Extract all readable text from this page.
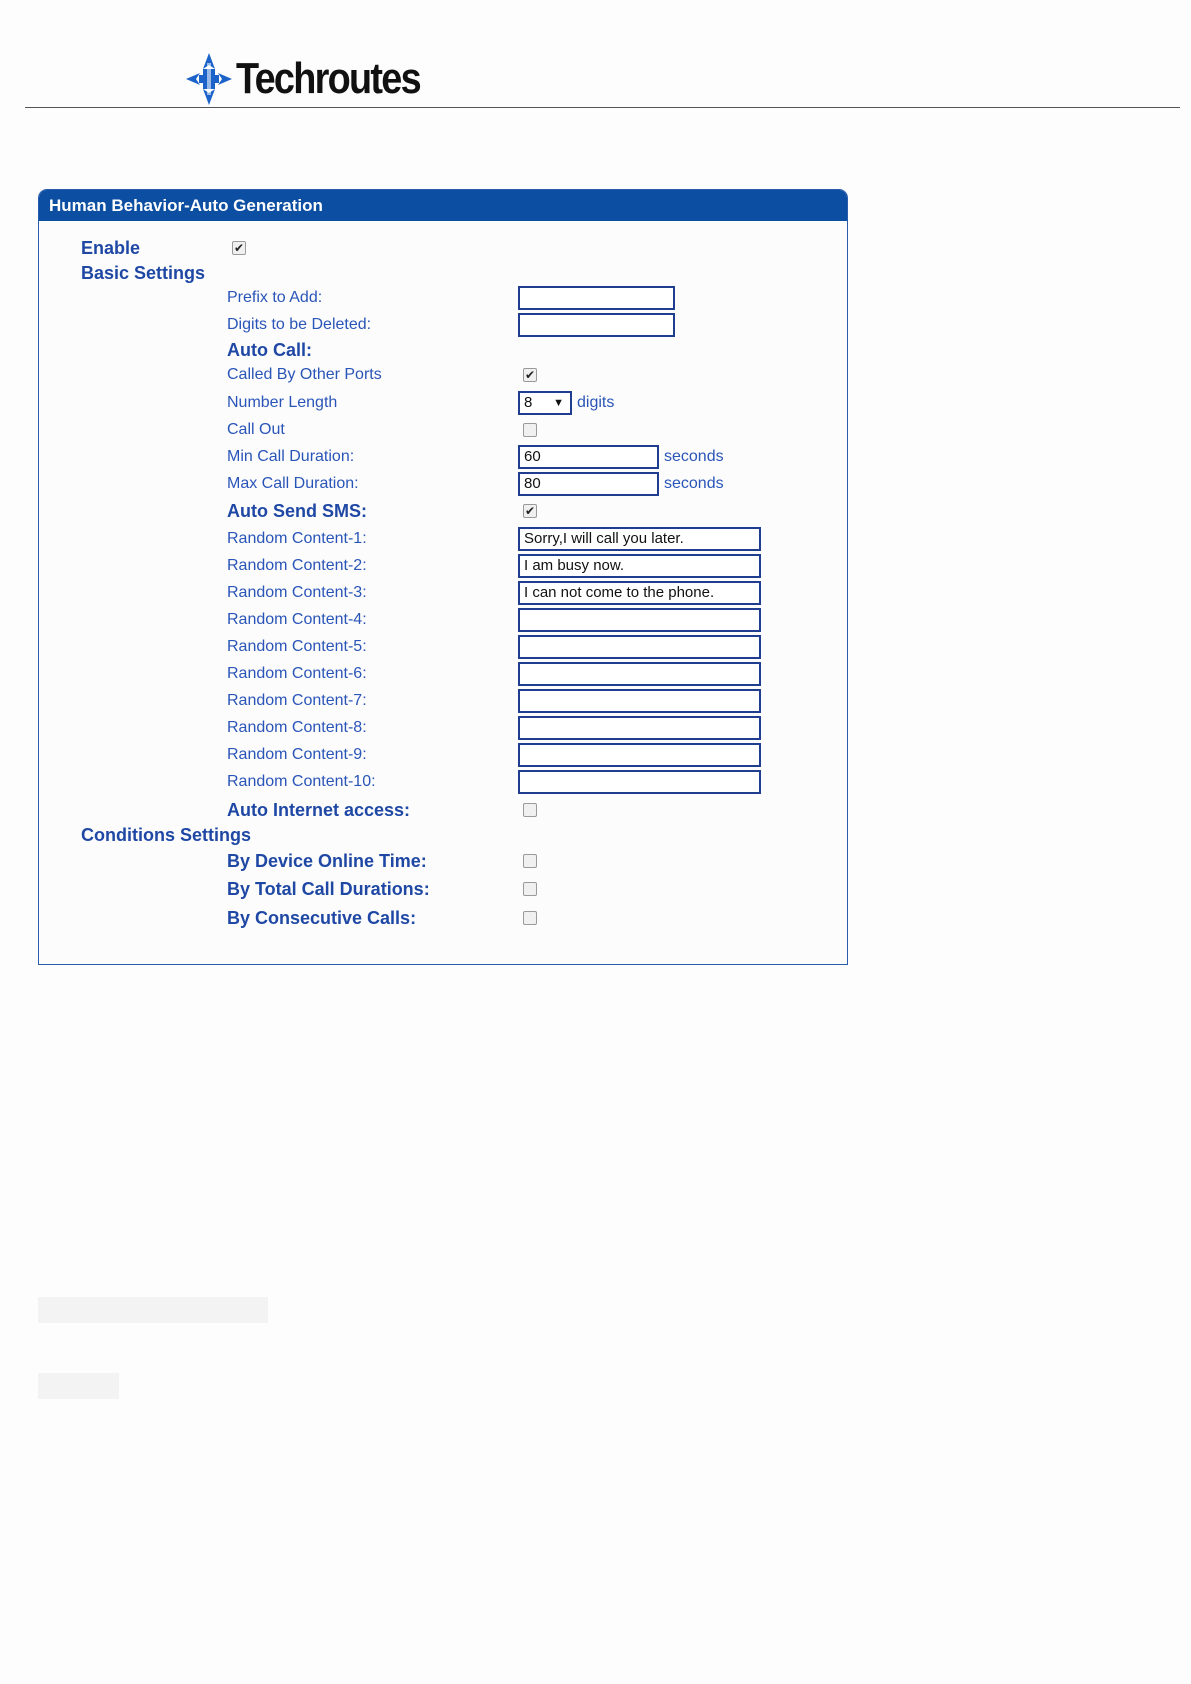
Techroutes
Human Behavior-Auto Generation
Enable	✔
Basic Settings
Prefix to Add:
Digits to be Deleted:
Auto Call:
Called By Other Ports	✔
Number Length	8 ▼ digits
Call Out
Min Call Duration:	60	seconds
Max Call Duration:	80	seconds
Auto Send SMS:	✔
Random Content-1:	Sorry,I will call you later.
Random Content-2:	I am busy now.
Random Content-3:	I can not come to the phone.
Random Content-4:
Random Content-5:
Random Content-6:
Random Content-7:
Random Content-8:
Random Content-9:
Random Content-10:
Auto Internet access:
Conditions Settings
By Device Online Time:
By Total Call Durations:
By Consecutive Calls:
